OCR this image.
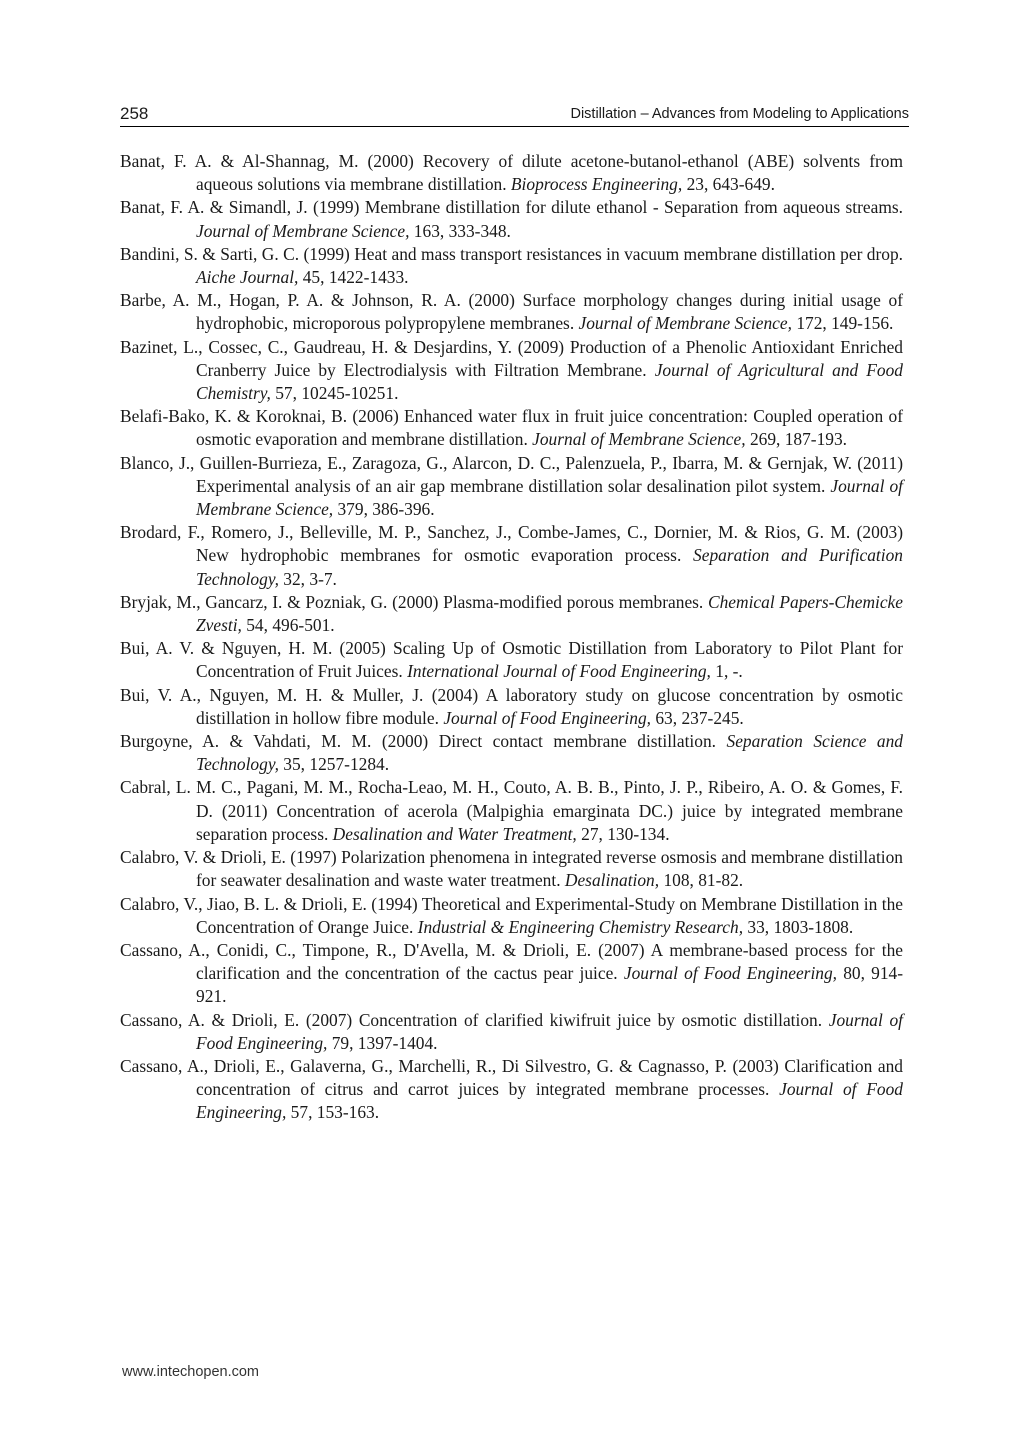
258	Distillation – Advances from Modeling to Applications

Banat, F. A. & Al-Shannag, M. (2000) Recovery of dilute acetone-butanol-ethanol (ABE) solvents from aqueous solutions via membrane distillation. Bioprocess Engineering, 23, 643-649.

Banat, F. A. & Simandl, J. (1999) Membrane distillation for dilute ethanol - Separation from aqueous streams. Journal of Membrane Science, 163, 333-348.

Bandini, S. & Sarti, G. C. (1999) Heat and mass transport resistances in vacuum membrane distillation per drop. Aiche Journal, 45, 1422-1433.

Barbe, A. M., Hogan, P. A. & Johnson, R. A. (2000) Surface morphology changes during initial usage of hydrophobic, microporous polypropylene membranes. Journal of Membrane Science, 172, 149-156.

Bazinet, L., Cossec, C., Gaudreau, H. & Desjardins, Y. (2009) Production of a Phenolic Antioxidant Enriched Cranberry Juice by Electrodialysis with Filtration Membrane. Journal of Agricultural and Food Chemistry, 57, 10245-10251.

Belafi-Bako, K. & Koroknai, B. (2006) Enhanced water flux in fruit juice concentration: Coupled operation of osmotic evaporation and membrane distillation. Journal of Membrane Science, 269, 187-193.

Blanco, J., Guillen-Burrieza, E., Zaragoza, G., Alarcon, D. C., Palenzuela, P., Ibarra, M. & Gernjak, W. (2011) Experimental analysis of an air gap membrane distillation solar desalination pilot system. Journal of Membrane Science, 379, 386-396.

Brodard, F., Romero, J., Belleville, M. P., Sanchez, J., Combe-James, C., Dornier, M. & Rios, G. M. (2003) New hydrophobic membranes for osmotic evaporation process. Separation and Purification Technology, 32, 3-7.

Bryjak, M., Gancarz, I. & Pozniak, G. (2000) Plasma-modified porous membranes. Chemical Papers-Chemicke Zvesti, 54, 496-501.

Bui, A. V. & Nguyen, H. M. (2005) Scaling Up of Osmotic Distillation from Laboratory to Pilot Plant for Concentration of Fruit Juices. International Journal of Food Engineering, 1, -.

Bui, V. A., Nguyen, M. H. & Muller, J. (2004) A laboratory study on glucose concentration by osmotic distillation in hollow fibre module. Journal of Food Engineering, 63, 237-245.

Burgoyne, A. & Vahdati, M. M. (2000) Direct contact membrane distillation. Separation Science and Technology, 35, 1257-1284.

Cabral, L. M. C., Pagani, M. M., Rocha-Leao, M. H., Couto, A. B. B., Pinto, J. P., Ribeiro, A. O. & Gomes, F. D. (2011) Concentration of acerola (Malpighia emarginata DC.) juice by integrated membrane separation process. Desalination and Water Treatment, 27, 130-134.

Calabro, V. & Drioli, E. (1997) Polarization phenomena in integrated reverse osmosis and membrane distillation for seawater desalination and waste water treatment. Desalination, 108, 81-82.

Calabro, V., Jiao, B. L. & Drioli, E. (1994) Theoretical and Experimental-Study on Membrane Distillation in the Concentration of Orange Juice. Industrial & Engineering Chemistry Research, 33, 1803-1808.

Cassano, A., Conidi, C., Timpone, R., D'Avella, M. & Drioli, E. (2007) A membrane-based process for the clarification and the concentration of the cactus pear juice. Journal of Food Engineering, 80, 914-921.

Cassano, A. & Drioli, E. (2007) Concentration of clarified kiwifruit juice by osmotic distillation. Journal of Food Engineering, 79, 1397-1404.

Cassano, A., Drioli, E., Galaverna, G., Marchelli, R., Di Silvestro, G. & Cagnasso, P. (2003) Clarification and concentration of citrus and carrot juices by integrated membrane processes. Journal of Food Engineering, 57, 153-163.

www.intechopen.com
